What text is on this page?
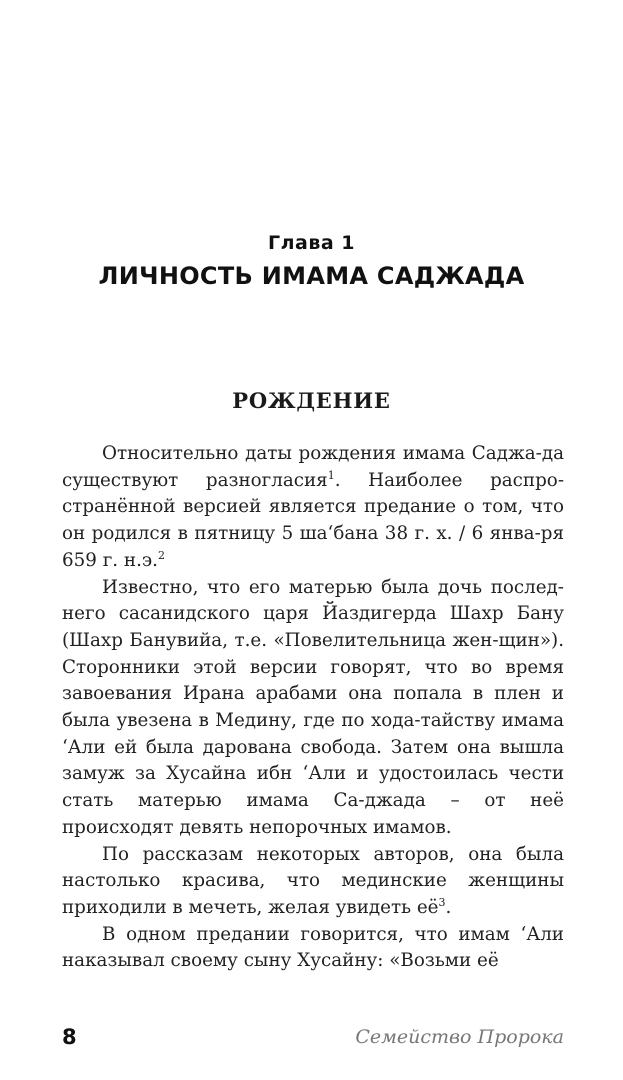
Глава 1
ЛИЧНОСТЬ ИМАМА САДЖАДА
РОЖДЕНИЕ

Относительно даты рождения имама Саджа-да существуют разногласия$^1$. Наиболее распро-странённой версией является предание о том, что он родился в пятницу 5 ша‘бана 38 г. х. / 6 янва-ря 659 г. н.э.$^2$

Известно, что его матерью была дочь послед-него сасанидского царя Йаздигерда Шахр Бану (Шахр Банувийа, т.е. «Повелительница жен-щин»). Сторонники этой версии говорят, что во время завоевания Ирана арабами она попала в плен и была увезена в Медину, где по хода-тайству имама ‘Али ей была дарована свобода. Затем она вышла замуж за Хусайна ибн ‘Али и удостоилась чести стать матерью имама Са-джада – от неё происходят девять непорочных имамов.

По рассказам некоторых авторов, она была настолько красива, что мединские женщины приходили в мечеть, желая увидеть $её^3$.

В одном предании говорится, что имам ‘Али наказывал своему сыну Хусайну: «Возьми её

8	Семейство Пророка
